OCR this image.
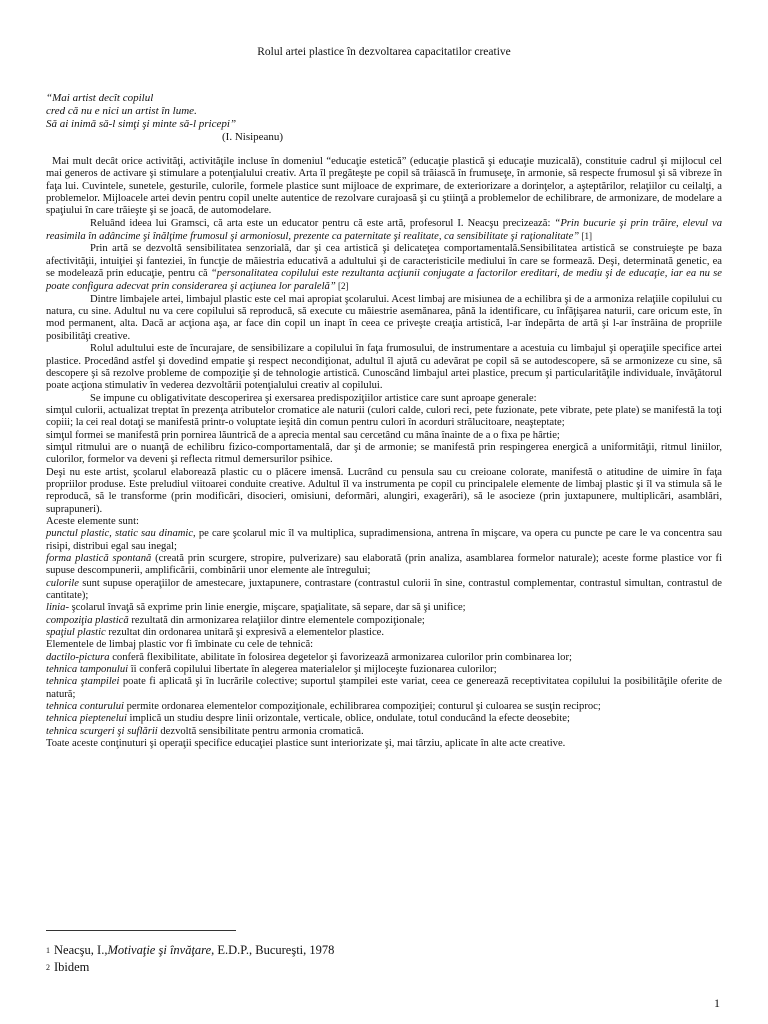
Rolul artei plastice în dezvoltarea capacitatilor creative
“Mai artist decît copilul
cred că nu e nici un artist în lume.
Să ai inimă să-l simţi şi minte să-l pricepi”
(I. Nisipeanu)

Mai mult decât orice activităţi, activităţile incluse în domeniul “educaţie estetică” (educaţie plastică şi educaţie muzicală), constituie cadrul şi mijlocul cel mai generos de activare şi stimulare a potenţialului creativ. Arta îl pregăteşte pe copil să trăiască în frumuseţe, în armonie, să respecte frumosul şi să vibreze în faţa lui. Cuvintele, sunetele, gesturile, culorile, formele plastice sunt mijloace de exprimare, de exteriorizare a dorinţelor, a aşteptărilor, relaţiilor cu ceilalţi, a problemelor. Mijloacele artei devin pentru copil unelte autentice de rezolvare curajoasă şi cu ştiinţă a problemelor de echilibrare, de armonizare, de modelare a spaţiului în care trăieşte şi se joacă, de automodelare.

Reluând ideea lui Gramsci, că arta este un educator pentru că este artă, profesorul I. Neacşu precizează: “Prin bucurie şi prin trăire, elevul va reasimila în adâncime şi înălţime frumosul şi armoniosul, prezente ca paternitate şi realitate, ca sensibilitate şi raţionalitate” [1]

Prin artă se dezvoltă sensibilitatea senzorială, dar şi cea artistică şi delicateţea comportamentală.Sensibilitatea artistică se construieşte pe baza afectivităţii, intuiţiei şi fanteziei, în funcţie de măiestria educativă a adultului şi de caracteristicile mediului în care se formează. Deşi, determinată genetic, ea se modelează prin educaţie, pentru că “personalitatea copilului este rezultanta acţiunii conjugate a factorilor ereditari, de mediu şi de educaţie, iar ea nu se poate configura adecvat prin considerarea şi acţiunea lor paralelă” [2]

Dintre limbajele artei, limbajul plastic este cel mai apropiat şcolarului. Acest limbaj are misiunea de a echilibra şi de a armoniza relaţiile copilului cu natura, cu sine. Adultul nu va cere copilului să reproducă, să execute cu măiestrie asemănarea, până la identificare, cu înfăţişarea naturii, care oricum este, în mod permanent, alta. Dacă ar acţiona aşa, ar face din copil un inapt în ceea ce priveşte creaţia artistică, l-ar îndepărta de artă şi l-ar înstrăina de propriile posibilităţi creative.

Rolul adultului este de încurajare, de sensibilizare a copilului în faţa frumosului, de instrumentare a acestuia cu limbajul şi operaţiile specifice artei plastice. Procedând astfel şi dovedind empatie şi respect necondiţionat, adultul îl ajută cu adevărat pe copil să se autodescopere, să se armonizeze cu sine, să descopere şi să rezolve probleme de compoziţie şi de tehnologie artistică. Cunoscând limbajul artei plastice, precum şi particularităţile individuale, învăţătorul poate acţiona stimulativ în vederea dezvoltării potenţialului creativ al copilului.

Se impune cu obligativitate descoperirea şi exersarea predispoziţiilor artistice care sunt aproape generale:

simţul culorii, actualizat treptat în prezenţa atributelor cromatice ale naturii (culori calde, culori reci, pete fuzionate, pete vibrate, pete plate) se manifestă la toţi copiii; la cei real dotaţi se manifestă printr-o voluptate ieşită din comun pentru culori în acorduri strălucitoare, neaşteptate;

simţul formei se manifestă prin pornirea lăuntrică de a aprecia mental sau cercetând cu mâna înainte de a o fixa pe hârtie;

simţul ritmului are o nuanţă de echilibru fizico-comportamentală, dar şi de armonie; se manifestă prin respingerea energică a uniformităţii, ritmul liniilor, culorilor, formelor va deveni şi reflecta ritmul demersurilor psihice.

Deşi nu este artist, şcolarul elaborează plastic cu o plăcere imensă. Lucrând cu pensula sau cu creioane colorate, manifestă o atitudine de uimire în faţa propriilor produse. Este preludiul viitoarei conduite creative. Adultul îl va instrumenta pe copil cu principalele elemente de limbaj plastic şi îl va stimula să le reproducă, să le transforme (prin modificări, disocieri, omisiuni, deformări, alungiri, exagerări), să le asocieze (prin juxtapunere, multiplicări, asamblări, suprapuneri).

Aceste elemente sunt:

punctul plastic, static sau dinamic, pe care şcolarul mic îl va multiplica, supradimensiona, antrena în mişcare, va opera cu puncte pe care le va concentra sau risipi, distribui egal sau inegal;

forma plastică spontană (creată prin scurgere, stropire, pulverizare) sau elaborată (prin analiza, asamblarea formelor naturale); aceste forme plastice vor fi supuse descompunerii, amplificării, combinării unor elemente ale întregului;

culorile sunt supuse operaţiilor de amestecare, juxtapunere, contrastare (contrastul culorii în sine, contrastul complementar, contrastul simultan, contrastul de cantitate);

linia- şcolarul învaţă să exprime prin linie energie, mişcare, spaţialitate, să separe, dar să şi unifice;

compoziţia plastică rezultată din armonizarea relaţiilor dintre elementele compoziţionale;

spaţiul plastic rezultat din ordonarea unitară şi expresivă a elementelor plastice.

Elementele de limbaj plastic vor fi îmbinate cu cele de tehnică:

dactilo-pictura conferă flexibilitate, abilitate în folosirea degetelor şi favorizează armonizarea culorilor prin combinarea lor;

tehnica tamponului îi conferă copilului libertate în alegerea materialelor şi mijloceşte fuzionarea culorilor;

tehnica ştampilei poate fi aplicată şi în lucrările colective; suportul ştampilei este variat, ceea ce generează receptivitatea copilului la posibilităţile oferite de natură;

tehnica conturului permite ordonarea elementelor compoziţionale, echilibrarea compoziţiei; conturul şi culoarea se susţin reciproc;

tehnica pieptenelui implică un studiu despre linii orizontale, verticale, oblice, ondulate, totul conducând la efecte deosebite;

tehnica scurgeri şi suflării dezvoltă sensibilitate pentru armonia cromatică.

Toate aceste conţinuturi şi operaţii specifice educaţiei plastice sunt interiorizate şi, mai târziu, aplicate în alte acte creative.

$^1$ Neacşu, I.,Motivaţie şi învăţare, E.D.P., Bucureşti, 1978
$^2$ Ibidem
1
